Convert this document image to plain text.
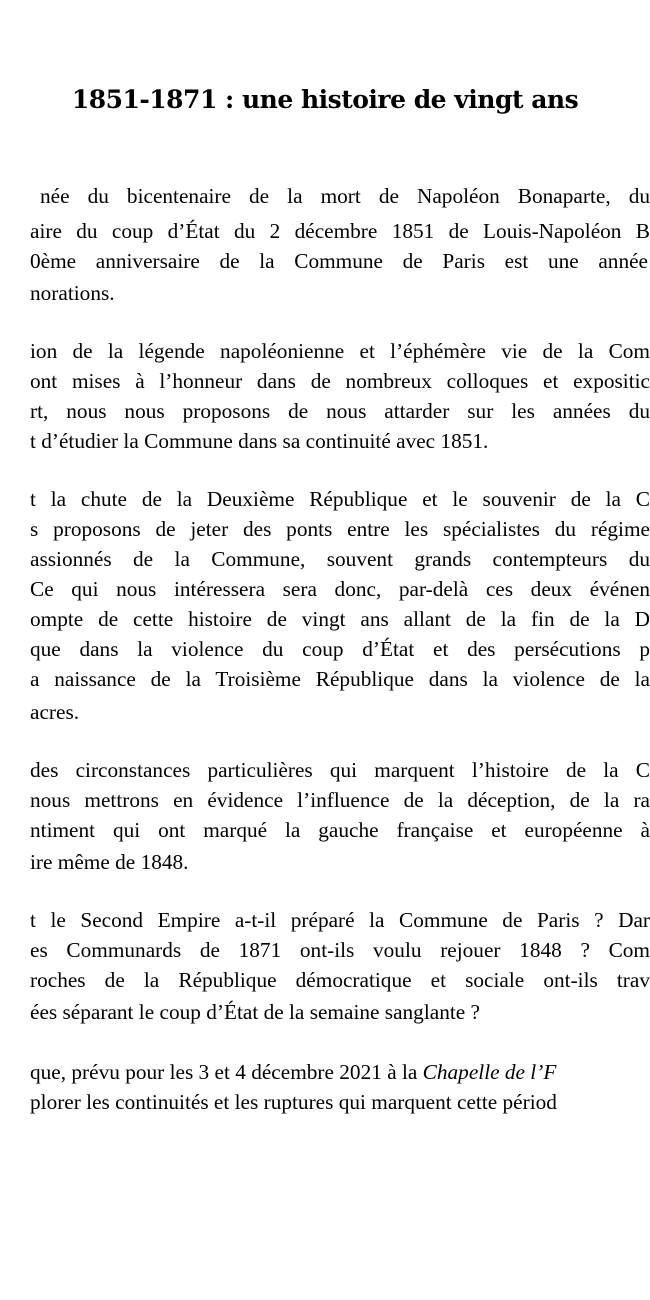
1851-1871 : une histoire de vingt ans
née du bicentenaire de la mort de Napoléon Bonaparte, du
aire du coup d’État du 2 décembre 1851 de Louis-Napoléon B
0ème anniversaire de la Commune de Paris est une année
norations.
ion de la légende napoléonienne et l’éphémère vie de la Com
ont mises à l’honneur dans de nombreux colloques et expositic
rt, nous nous proposons de nous attarder sur les années du
t d’étudier la Commune dans sa continuité avec 1851.
t la chute de la Deuxième République et le souvenir de la C
s proposons de jeter des ponts entre les spécialistes du régime
assionnés de la Commune, souvent grands contempteurs du
Ce qui nous intéressera sera donc, par-delà ces deux événen
ompte de cette histoire de vingt ans allant de la fin de la D
que dans la violence du coup d’État et des persécutions p
a naissance de la Troisième République dans la violence de la
acres.
des circonstances particulières qui marquent l’histoire de la C
nous mettrons en évidence l’influence de la déception, de la ra
ntiment qui ont marqué la gauche française et européenne à
ire même de 1848.
t le Second Empire a-t-il préparé la Commune de Paris ? Dar
es Communards de 1871 ont-ils voulu rejouer 1848 ? Com
roches de la République démocratique et sociale ont-ils trav
ées séparant le coup d’État de la semaine sanglante ?
que, prévu pour les 3 et 4 décembre 2021 à la Chapelle de l’F
plorer les continuités et les ruptures qui marquent cette périod
